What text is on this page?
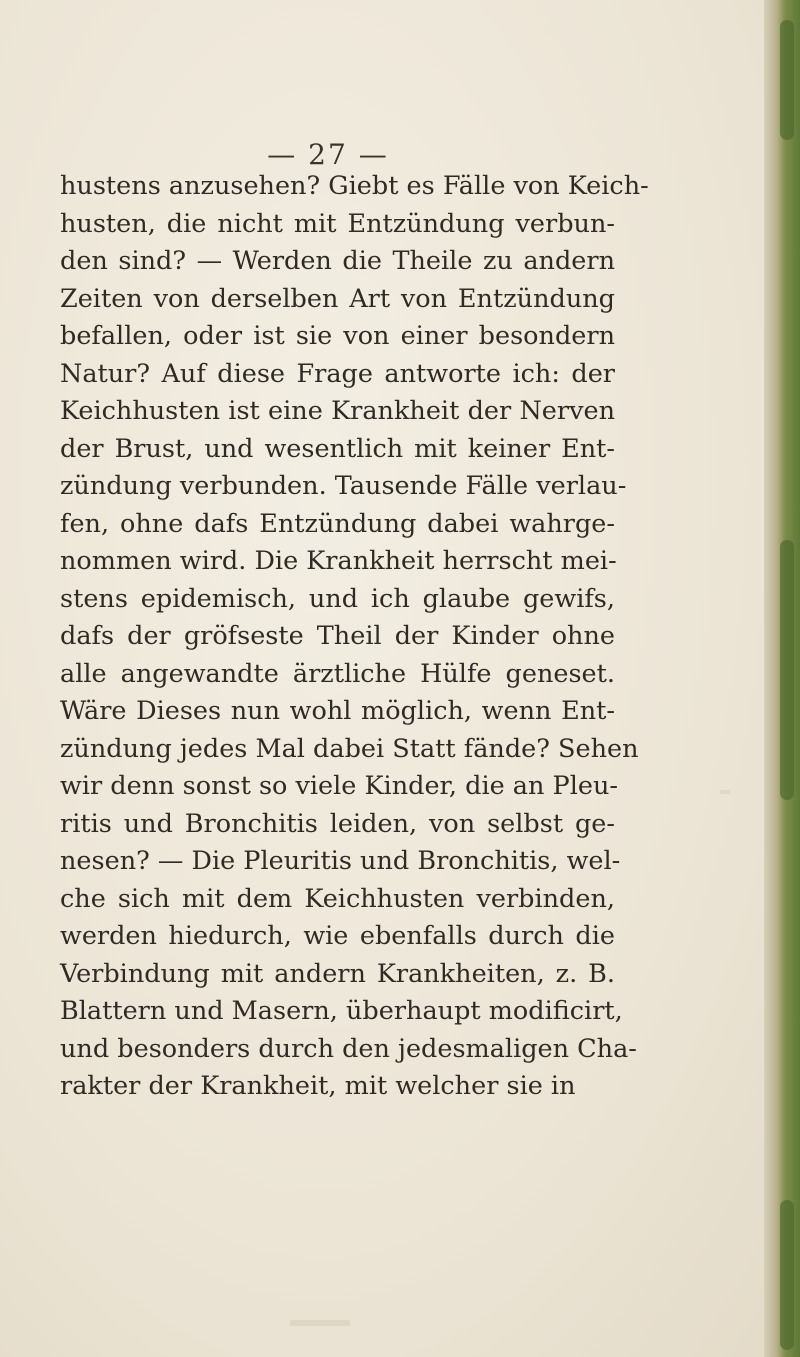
— 27 —
hustens anzusehen? Giebt es Fälle von Keich-
husten, die nicht mit Entzündung verbun-
den sind? — Werden die Theile zu andern
Zeiten von derselben Art von Entzündung
befallen, oder ist sie von einer besondern
Natur? Auf diese Frage antworte ich: der
Keichhusten ist eine Krankheit der Nerven
der Brust, und wesentlich mit keiner Ent-
zündung verbunden. Tausende Fälle verlau-
fen, ohne dafs Entzündung dabei wahrge-
nommen wird. Die Krankheit herrscht mei-
stens epidemisch, und ich glaube gewifs,
dafs der gröfseste Theil der Kinder ohne
alle angewandte ärztliche Hülfe geneset.
Wäre Dieses nun wohl möglich, wenn Ent-
zündung jedes Mal dabei Statt fände? Sehen
wir denn sonst so viele Kinder, die an Pleu-
ritis und Bronchitis leiden, von selbst ge-
nesen? — Die Pleuritis und Bronchitis, wel-
che sich mit dem Keichhusten verbinden,
werden hiedurch, wie ebenfalls durch die
Verbindung mit andern Krankheiten, z. B.
Blattern und Masern, überhaupt modificirt,
und besonders durch den jedesmaligen Cha-
rakter der Krankheit, mit welcher sie in
